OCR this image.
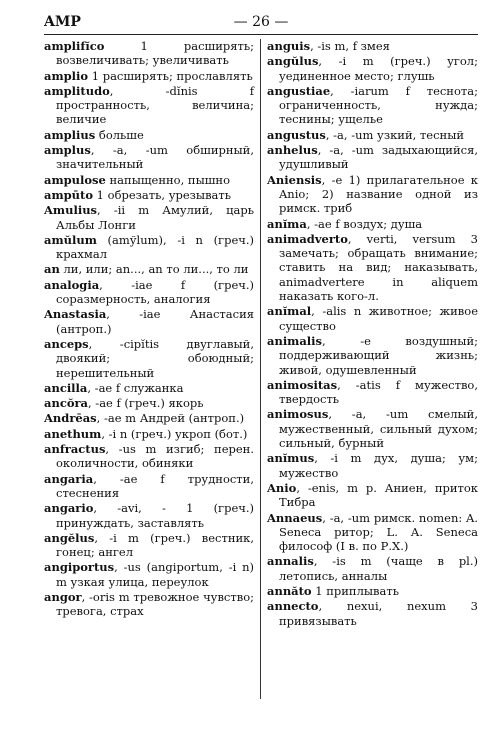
AMP	— 26 —

amplifĭco 1 расширять; возвеличивать; увеличивать

amplio 1 расширять; прославлять

amplitudo, -dĭnis f пространность, величина; величие

amplius больше

amplus, -a, -um обширный, значительный

ampulose напыщенно, пышно

ampūto 1 обрезать, урезывать

Amulius, -ii m Амулий, царь Альбы Лонги

amŭlum (amўlum), -i n (греч.) крахмал

an ли, или; an..., an то ли..., то ли

analogia, -iae f (греч.) соразмерность, аналогия

Anastasia, -iae Анастасия (антроп.)

anceps, -cipĭtis двуглавый, двоякий; обоюдный; нерешительный

ancilla, -ae f служанка

ancŏra, -ae f (греч.) якорь

Andrēas, -ae m Андрей (антроп.)

anethum, -i n (греч.) укроп (бот.)

anfractus, -us m изгиб; перен. околичности, обиняки

angaria, -ae f трудности, стеснения

angario, -avi, - 1 (греч.) принуждать, заставлять

angĕlus, -i m (греч.) вестник, гонец; ангел

angiportus, -us (angiportum, -i n) m узкая улица, переулок

angor, -oris m тревожное чувство; тревога, страх

anguis, -is m, f змея

angŭlus, -i m (греч.) угол; уединенное место; глушь

angustiae, -iarum f теснота; ограниченность, нужда; теснины; ущелье

angustus, -a, -um узкий, тесный

anhelus, -a, -um задыхающийся, удушливый

Aniensis, -e 1) прилагательное к Anio; 2) название одной из римск. триб

anĭma, -ae f воздух; душа

animadverto, verti, versum 3 замечать; обращать внимание; ставить на вид; наказывать, animadvertere in aliquem наказать кого-л.

anĭmal, -alis n животное; живое существо

animalis, -e воздушный; поддерживающий жизнь; живой, одушевленный

animositas, -atis f мужество, твердость

animosus, -a, -um смелый, мужественный, сильный духом; сильный, бурный

anĭmus, -i m дух, душа; ум; мужество

Anio, -enis, m p. Аниен, приток Тибра

Annaeus, -a, -um римск. nomen: A. Seneca ритор; L. A. Seneca философ (I в. по Р.Х.)

annalis, -is m (чаще в pl.) летопись, анналы

annăto 1 приплывать

annecto, nexui, nexum 3 привязывать
